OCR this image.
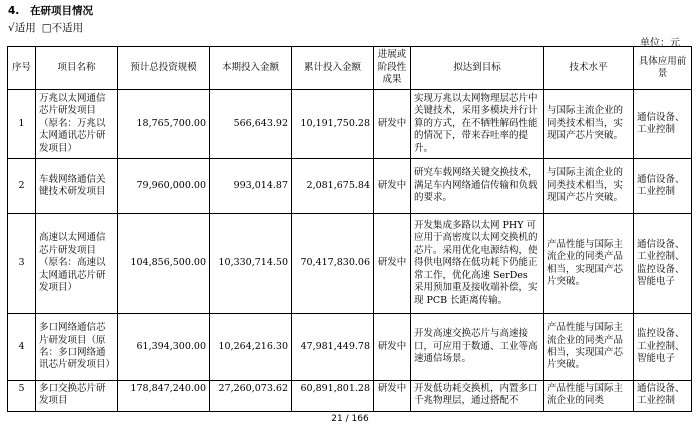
4. 在研项目情况
√适用 □不适用
单位：元
序号	项目名称	预计总投资规模	本期投入金额	累计投入金额	进展或阶段性成果	拟达到目标	技术水平	具体应用前景
1	万兆以太网通信芯片研发项目（原名：万兆以太网通讯芯片研发项目）	18,765,700.00	566,643.92	10,191,750.28	研发中	实现万兆以太网物理层芯片中关键技术，采用多模块并行计算的方式，在不牺牲解码性能的情况下，带来吞吐率的提升。	与国际主流企业的同类技术相当，实现国产芯片突破。	通信设备、工业控制
2	车载网络通信关键技术研发项目	79,960,000.00	993,014.87	2,081,675.84	研发中	研究车载网络关键交换技术，满足车内网络通信传输和负载的要求。	与国际主流企业的同类技术相当，实现国产芯片突破。	通信设备、工业控制
3	高速以太网通信芯片研发项目（原名：高速以太网通讯芯片研发项目）	104,856,500.00	10,330,714.50	70,417,830.06	研发中	开发集成多路以太网 PHY 可应用于高密度以太网交换机的芯片。采用优化电源结构，使得供电网络在低功耗下仍能正常工作，优化高速 SerDes 采用预加重及接收端补偿，实现 PCB 长距离传输。	产品性能与国际主流企业的同类产品相当，实现国产芯片突破。	通信设备、工业控制、监控设备、智能电子
4	多口网络通信芯片研发项目（原名：多口网络通讯芯片研发项目）	61,394,300.00	10,264,216.30	47,981,449.78	研发中	开发高速交换芯片与高速接口，可应用于数通、工业等高速通信场景。	产品性能与国际主流企业的同类产品相当，实现国产芯片突破。	监控设备、工业控制、智能电子
5	多口交换芯片研发项目	178,847,240.00	27,260,073.62	60,891,801.28	研发中	开发低功耗交换机，内置多口千兆物理层，通过搭配不	产品性能与国际主流企业的同类	通信设备、工业控制
21 / 166
